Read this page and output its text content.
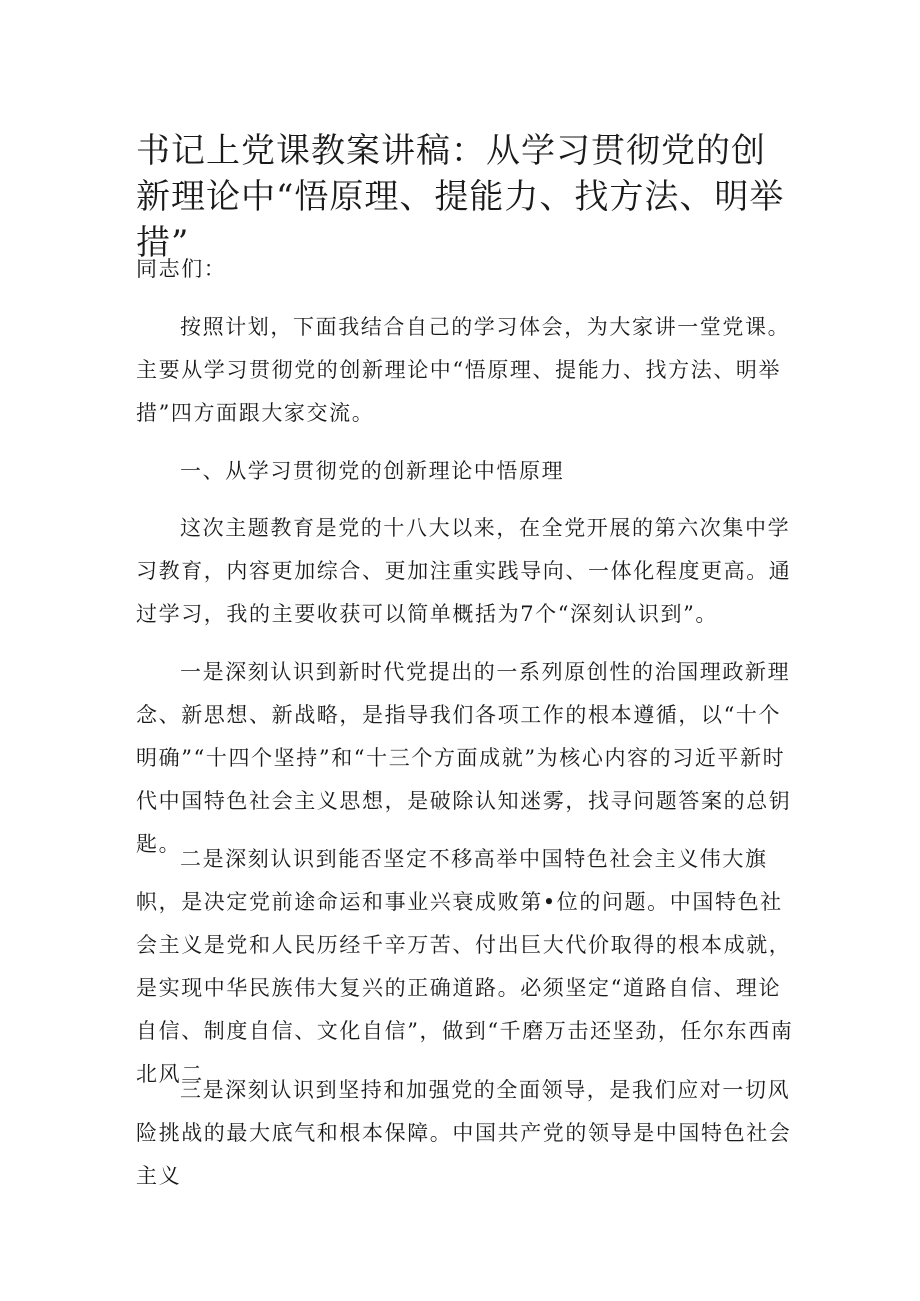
书记上党课教案讲稿：从学习贯彻党的创新理论中“悟原理、提能力、找方法、明举措”

同志们：

按照计划，下面我结合自己的学习体会，为大家讲一堂党课。主要从学习贯彻党的创新理论中“悟原理、提能力、找方法、明举措”四方面跟大家交流。

一、从学习贯彻党的创新理论中悟原理

这次主题教育是党的十八大以来，在全党开展的第六次集中学习教育，内容更加综合、更加注重实践导向、一体化程度更高。通过学习，我的主要收获可以简单概括为7个“深刻认识到”。

一是深刻认识到新时代党提出的一系列原创性的治国理政新理念、新思想、新战略，是指导我们各项工作的根本遵循，以“十个明确”“十四个坚持”和“十三个方面成就”为核心内容的习近平新时代中国特色社会主义思想，是破除认知迷雾，找寻问题答案的总钥匙。

二是深刻认识到能否坚定不移高举中国特色社会主义伟大旗帜，是决定党前途命运和事业兴衰成败第•位的问题。中国特色社会主义是党和人民历经千辛万苦、付出巨大代价取得的根本成就，是实现中华民族伟大复兴的正确道路。必须坚定“道路自信、理论自信、制度自信、文化自信”，做到“千磨万击还坚劲，任尔东西南北风二

三是深刻认识到坚持和加强党的全面领导，是我们应对一切风险挑战的最大底气和根本保障。中国共产党的领导是中国特色社会主义
